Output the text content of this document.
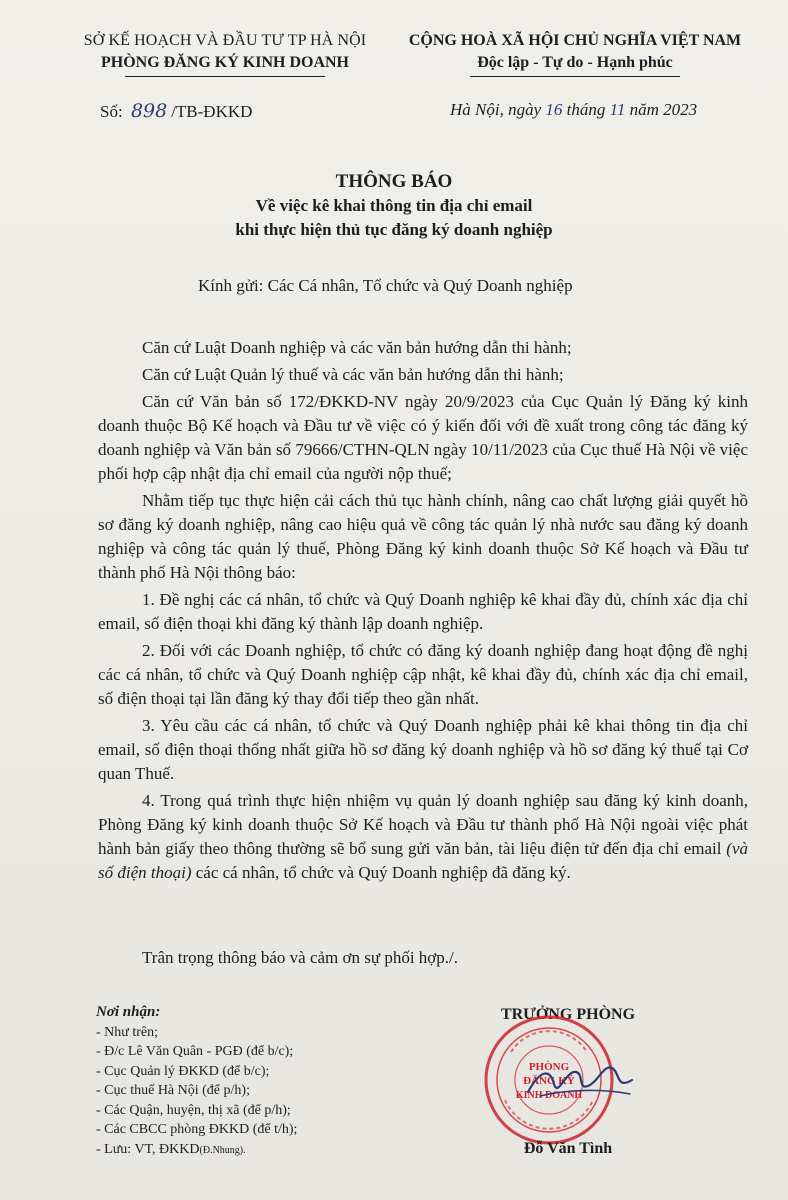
SỞ KẾ HOẠCH VÀ ĐẦU TƯ TP HÀ NỘI
PHÒNG ĐĂNG KÝ KINH DOANH
CỘNG HOÀ XÃ HỘI CHỦ NGHĨA VIỆT NAM
Độc lập - Tự do - Hạnh phúc
Số: 898 /TB-ĐKKD	Hà Nội, ngày 16 tháng 11 năm 2023
THÔNG BÁO
Về việc kê khai thông tin địa chỉ email
khi thực hiện thủ tục đăng ký doanh nghiệp
Kính gửi: Các Cá nhân, Tổ chức và Quý Doanh nghiệp

Căn cứ Luật Doanh nghiệp và các văn bản hướng dẫn thi hành;

Căn cứ Luật Quản lý thuế và các văn bản hướng dẫn thi hành;

Căn cứ Văn bản số 172/ĐKKD-NV ngày 20/9/2023 của Cục Quản lý Đăng ký kinh doanh thuộc Bộ Kế hoạch và Đầu tư về việc có ý kiến đối với đề xuất trong công tác đăng ký doanh nghiệp và Văn bản số 79666/CTHN-QLN ngày 10/11/2023 của Cục thuế Hà Nội về việc phối hợp cập nhật địa chỉ email của người nộp thuế;

Nhằm tiếp tục thực hiện cải cách thủ tục hành chính, nâng cao chất lượng giải quyết hồ sơ đăng ký doanh nghiệp, nâng cao hiệu quả về công tác quản lý nhà nước sau đăng ký doanh nghiệp và công tác quản lý thuế, Phòng Đăng ký kinh doanh thuộc Sở Kế hoạch và Đầu tư thành phố Hà Nội thông báo:

1. Đề nghị các cá nhân, tổ chức và Quý Doanh nghiệp kê khai đầy đủ, chính xác địa chỉ email, số điện thoại khi đăng ký thành lập doanh nghiệp.

2. Đối với các Doanh nghiệp, tổ chức có đăng ký doanh nghiệp đang hoạt động đề nghị các cá nhân, tổ chức và Quý Doanh nghiệp cập nhật, kê khai đầy đủ, chính xác địa chỉ email, số điện thoại tại lần đăng ký thay đổi tiếp theo gần nhất.

3. Yêu cầu các cá nhân, tổ chức và Quý Doanh nghiệp phải kê khai thông tin địa chỉ email, số điện thoại thống nhất giữa hồ sơ đăng ký doanh nghiệp và hồ sơ đăng ký thuế tại Cơ quan Thuế.

4. Trong quá trình thực hiện nhiệm vụ quản lý doanh nghiệp sau đăng ký kinh doanh, Phòng Đăng ký kinh doanh thuộc Sở Kế hoạch và Đầu tư thành phố Hà Nội ngoài việc phát hành bản giấy theo thông thường sẽ bổ sung gửi văn bản, tài liệu điện tử đến địa chỉ email (và số điện thoại) các cá nhân, tổ chức và Quý Doanh nghiệp đã đăng ký.

Trân trọng thông báo và cảm ơn sự phối hợp./.
Nơi nhận:
- Như trên;
- Đ/c Lê Văn Quân - PGĐ (để b/c);
- Cục Quản lý ĐKKD (để b/c);
- Cục thuế Hà Nội (để p/h);
- Các Quận, huyện, thị xã (để p/h);
- Các CBCC phòng ĐKKD (để t/h);
- Lưu: VT, ĐKKD(Đ.Nhung).
TRƯỞNG PHÒNG
PHÒNG
ĐĂNG KÝ
KINH DOANH
Đỗ Văn Tình
